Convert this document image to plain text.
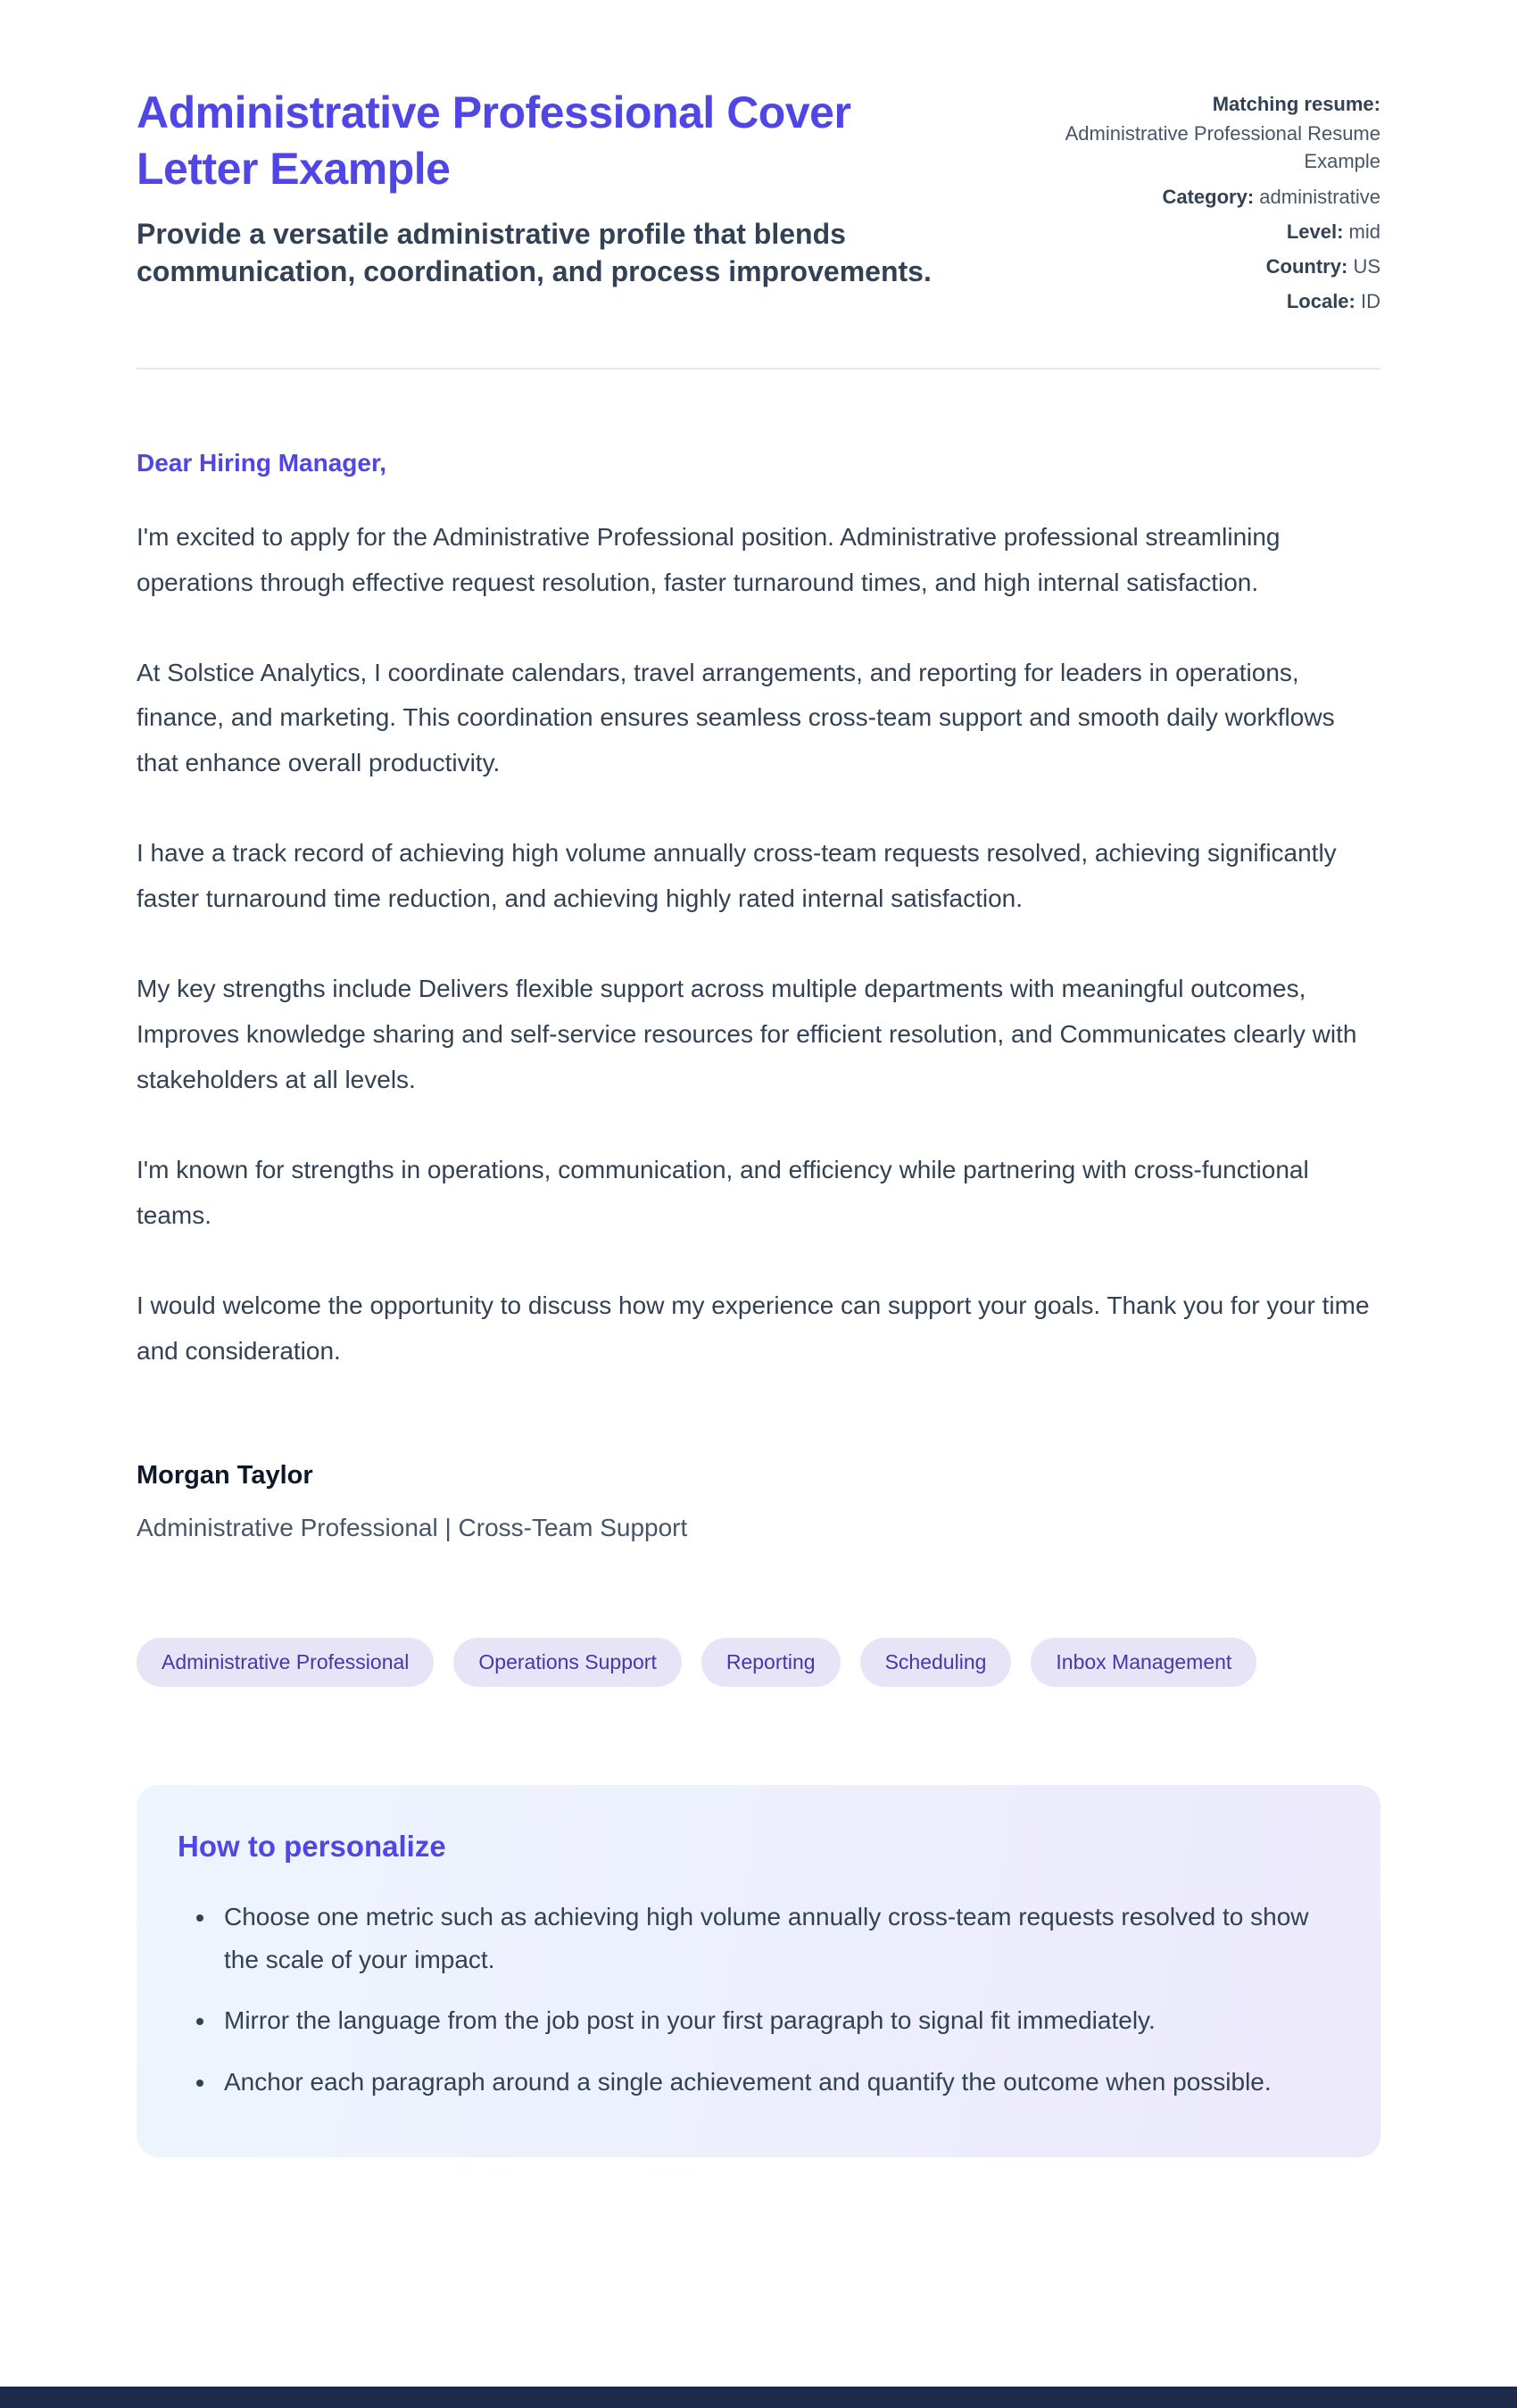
Administrative Professional Cover Letter Example
Provide a versatile administrative profile that blends communication, coordination, and process improvements.
Matching resume:
Administrative Professional Resume Example
Category: administrative
Level: mid
Country: US
Locale: ID

Dear Hiring Manager,

I'm excited to apply for the Administrative Professional position. Administrative professional streamlining operations through effective request resolution, faster turnaround times, and high internal satisfaction.

At Solstice Analytics, I coordinate calendars, travel arrangements, and reporting for leaders in operations, finance, and marketing. This coordination ensures seamless cross-team support and smooth daily workflows that enhance overall productivity.

I have a track record of achieving high volume annually cross-team requests resolved, achieving significantly faster turnaround time reduction, and achieving highly rated internal satisfaction.

My key strengths include Delivers flexible support across multiple departments with meaningful outcomes, Improves knowledge sharing and self-service resources for efficient resolution, and Communicates clearly with stakeholders at all levels.

I'm known for strengths in operations, communication, and efficiency while partnering with cross-functional teams.

I would welcome the opportunity to discuss how my experience can support your goals. Thank you for your time and consideration.

Morgan Taylor
Administrative Professional | Cross-Team Support
Administrative Professional	Operations Support	Reporting	Scheduling	Inbox Management
How to personalize
• Choose one metric such as achieving high volume annually cross-team requests resolved to show the scale of your impact.
• Mirror the language from the job post in your first paragraph to signal fit immediately.
• Anchor each paragraph around a single achievement and quantify the outcome when possible.
